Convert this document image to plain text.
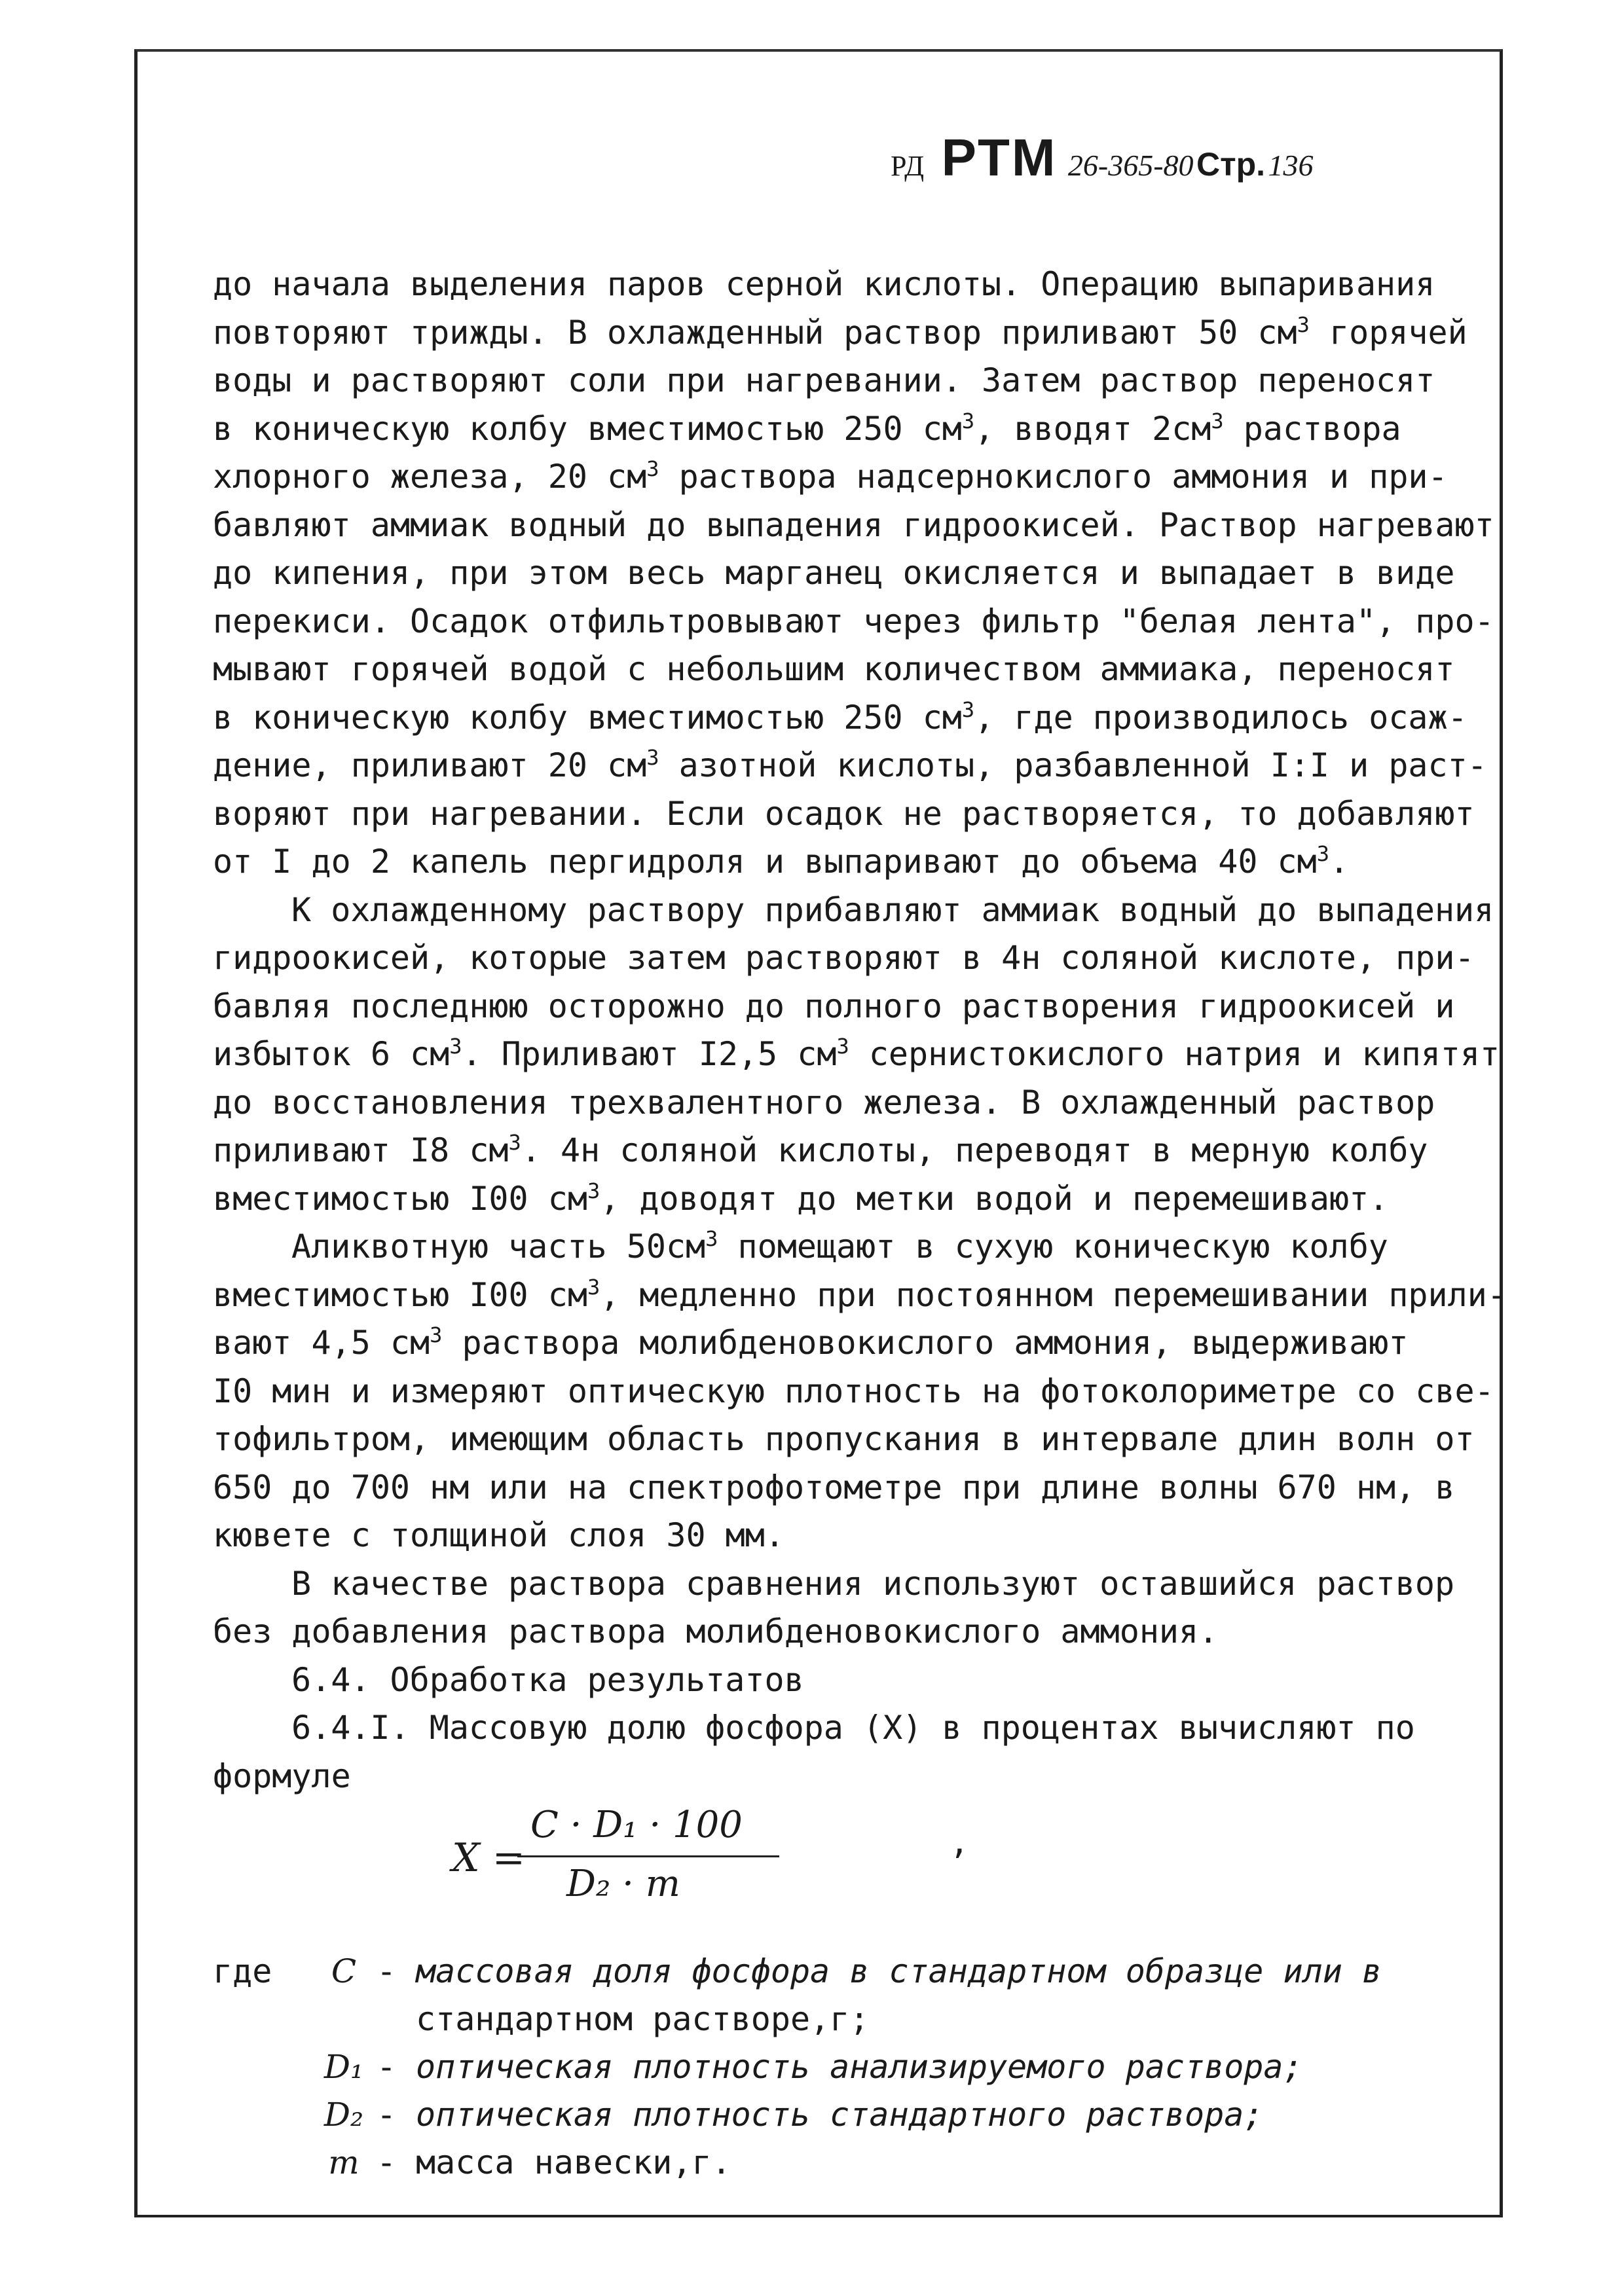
РД РТМ 26-365-80 Стр. 136
до начала выделения паров серной кислоты. Операцию выпаривания
повторяют трижды. В охлажденный раствор приливают 50 $см^3$ горячей
воды и растворяют соли при нагревании. Затем раствор переносят
в коническую колбу вместимостью 250 $см^3$, вводят $2см^3$ раствора
хлорного железа, 20 $см^3$ раствора надсернокислого аммония и при-
бавляют аммиак водный до выпадения гидроокисей. Раствор нагревают
до кипения, при этом весь марганец окисляется и выпадает в виде
перекиси. Осадок отфильтровывают через фильтр "белая лента", про-
мывают горячей водой с небольшим количеством аммиака, переносят
в коническую колбу вместимостью 250 $см^3$, где производилось осаж-
дение, приливают 20 $см^3$ азотной кислоты, разбавленной I:I и раст-
воряют при нагревании. Если осадок не растворяется, то добавляют
от I до 2 капель пергидроля и выпаривают до объема 40 $см^3$.
К охлажденному раствору прибавляют аммиак водный до выпадения
гидроокисей, которые затем растворяют в 4н соляной кислоте, при-
бавляя последнюю осторожно до полного растворения гидроокисей и
избыток 6 $см^3$. Приливают I2,5 $см^3$ сернистокислого натрия и кипятят
до восстановления трехвалентного железа. В охлажденный раствор
приливают I8 $см^3$. 4н соляной кислоты, переводят в мерную колбу
вместимостью I00 $см^3$, доводят до метки водой и перемешивают.
Аликвотную часть $50см^3$ помещают в сухую коническую колбу
вместимостью I00 $см^3$, медленно при постоянном перемешивании прили-
вают 4,5 $см^3$ раствора молибденовокислого аммония, выдерживают
I0 мин и измеряют оптическую плотность на фотоколориметре со све-
тофильтром, имеющим область пропускания в интервале длин волн от
650 до 700 нм или на спектрофотометре при длине волны 670 нм, в
кювете с толщиной слоя 30 мм.
В качестве раствора сравнения используют оставшийся раствор
без добавления раствора молибденовокислого аммония.
6.4. Обработка результатов
6.4.I. Массовую долю фосфора (X) в процентах вычисляют по
формуле
X =
C · D₁ · 100
D₂ · m
,
где	C - массовая доля фосфора в стандартном образце или в
стандартном растворе,г;
D₁ - оптическая плотность анализируемого раствора;
D₂ - оптическая плотность стандартного раствора;
m - масса навески,г.
